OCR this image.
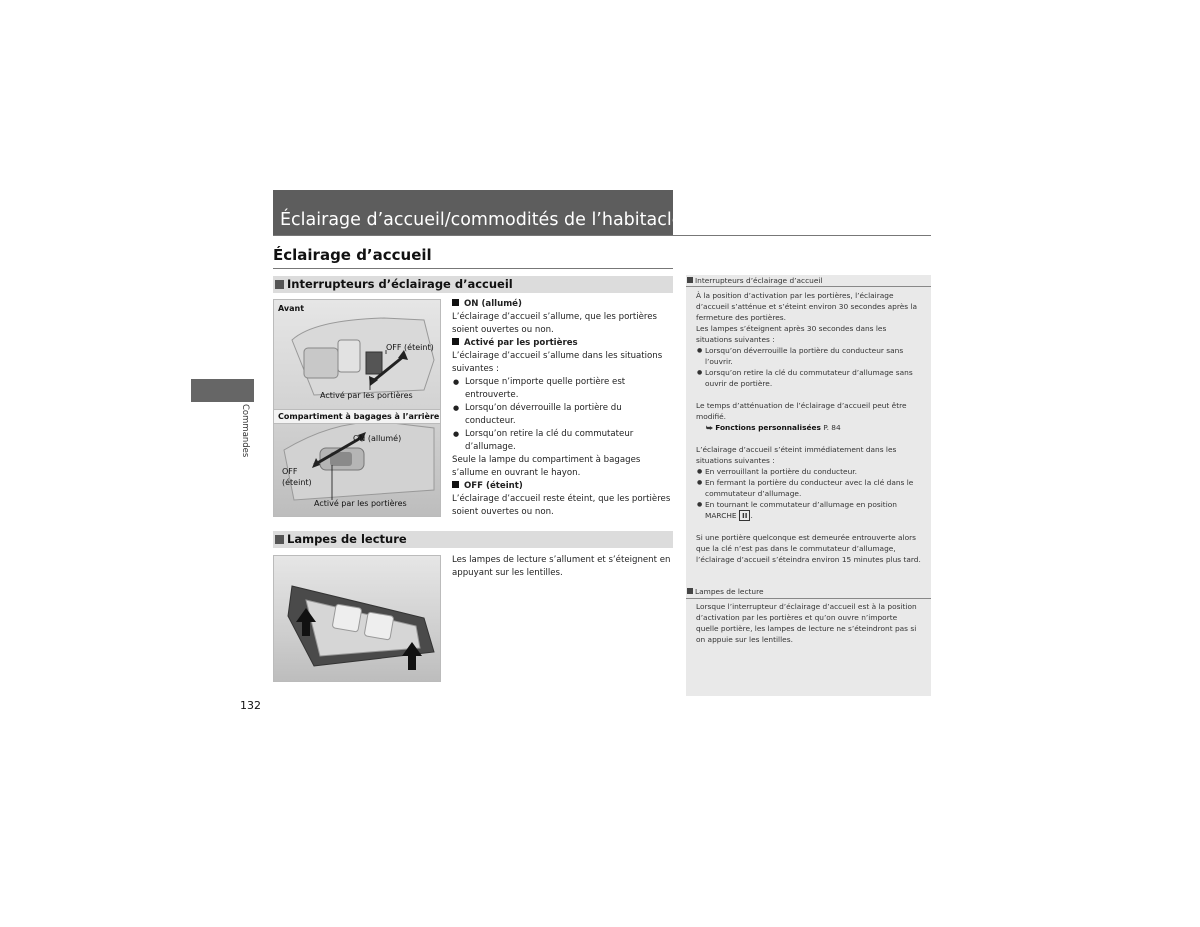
Éclairage d’accueil/commodités de l’habitacle
Éclairage d’accueil
Commandes
Interrupteurs d’éclairage d’accueil
Avant
OFF (éteint)
Activé par les portières
Compartiment à bagages à l’arrière
ON (allumé)
OFF
(éteint)
Activé par les portières

ON (allumé)

L’éclairage d’accueil s’allume, que les portières soient ouvertes ou non.

Activé par les portières

L’éclairage d’accueil s’allume dans les situations suivantes :

● Lorsque n’importe quelle portière est entrouverte.

● Lorsqu’on déverrouille la portière du conducteur.

● Lorsqu’on retire la clé du commutateur d’allumage.

Seule la lampe du compartiment à bagages s’allume en ouvrant le hayon.

OFF (éteint)

L’éclairage d’accueil reste éteint, que les portières soient ouvertes ou non.

Lampes de lecture
Les lampes de lecture s’allument et s’éteignent en appuyant sur les lentilles.
Interrupteurs d’éclairage d’accueil

À la position d’activation par les portières, l’éclairage d’accueil s’atténue et s’éteint environ 30 secondes après la fermeture des portières.

Les lampes s’éteignent après 30 secondes dans les situations suivantes :

● Lorsqu’on déverrouille la portière du conducteur sans l’ouvrir.

● Lorsqu’on retire la clé du commutateur d’allumage sans ouvrir de portière.

Le temps d’atténuation de l’éclairage d’accueil peut être modifié.

⮩ Fonctions personnalisées P. 84

L’éclairage d’accueil s’éteint immédiatement dans les situations suivantes :

● En verrouillant la portière du conducteur.

● En fermant la portière du conducteur avec la clé dans le commutateur d’allumage.

● En tournant le commutateur d’allumage en position

MARCHE II .

Si une portière quelconque est demeurée entrouverte alors que la clé n’est pas dans le commutateur d’allumage, l’éclairage d’accueil s’éteindra environ 15 minutes plus tard.

Lampes de lecture

Lorsque l’interrupteur d’éclairage d’accueil est à la position d’activation par les portières et qu’on ouvre n’importe quelle portière, les lampes de lecture ne s’éteindront pas si on appuie sur les lentilles.

132
